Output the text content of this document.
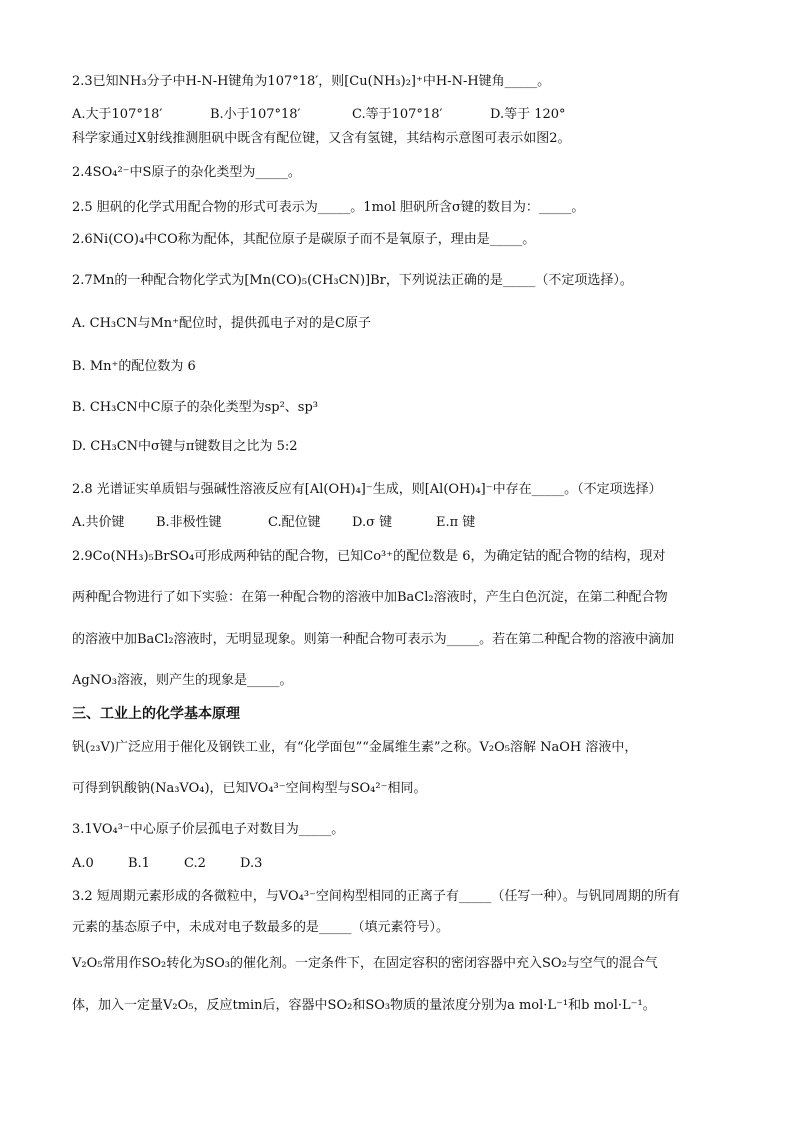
2.3已知NH₃分子中H-N-H键角为107°18′，则[Cu(NH₃)₂]⁺中H-N-H键角_____。
A.大于107°18′	B.小于107°18′	C.等于107°18′	D.等于 120°
科学家通过X射线推测胆矾中既含有配位键，又含有氢键，其结构示意图可表示如图2。
2.4SO₄²⁻中S原子的杂化类型为_____。
2.5 胆矾的化学式用配合物的形式可表示为_____。1mol 胆矾所含σ键的数目为：_____。
2.6Ni(CO)₄中CO称为配体，其配位原子是碳原子而不是氧原子，理由是_____。
2.7Mn的一种配合物化学式为[Mn(CO)₅(CH₃CN)]Br，下列说法正确的是_____（不定项选择）。
A. CH₃CN与Mn⁺配位时，提供孤电子对的是C原子
B. Mn⁺的配位数为 6
B. CH₃CN中C原子的杂化类型为sp²、sp³
D. CH₃CN中σ键与π键数目之比为 5:2
2.8 光谱证实单质铝与强碱性溶液反应有[Al(OH)₄]⁻生成，则[Al(OH)₄]⁻中存在_____。（不定项选择）
A.共价键 B.非极性键	C.配位键 D.σ 键	E.π 键
2.9Co(NH₃)₅BrSO₄可形成两种钴的配合物，已知Co³⁺的配位数是 6，为确定钴的配合物的结构，现对
两种配合物进行了如下实验：在第一种配合物的溶液中加BaCl₂溶液时，产生白色沉淀，在第二种配合物
的溶液中加BaCl₂溶液时，无明显现象。则第一种配合物可表示为_____。若在第二种配合物的溶液中滴加
AgNO₃溶液，则产生的现象是_____。
三、工业上的化学基本原理
钒(₂₃V)广泛应用于催化及钢铁工业，有“化学面包”“金属维生素”之称。V₂O₅溶解 NaOH 溶液中，
可得到钒酸钠(Na₃VO₄)，已知VO₄³⁻空间构型与SO₄²⁻相同。
3.1VO₄³⁻中心原子价层孤电子对数目为_____。
A.0	B.1	C.2	D.3
3.2 短周期元素形成的各微粒中，与VO₄³⁻空间构型相同的正离子有_____（任写一种）。与钒同周期的所有
元素的基态原子中，未成对电子数最多的是_____（填元素符号）。
V₂O₅常用作SO₂转化为SO₃的催化剂。一定条件下，在固定容积的密闭容器中充入SO₂与空气的混合气
体，加入一定量V₂O₅，反应tmin后，容器中SO₂和SO₃物质的量浓度分别为a mol·L⁻¹和b mol·L⁻¹。
